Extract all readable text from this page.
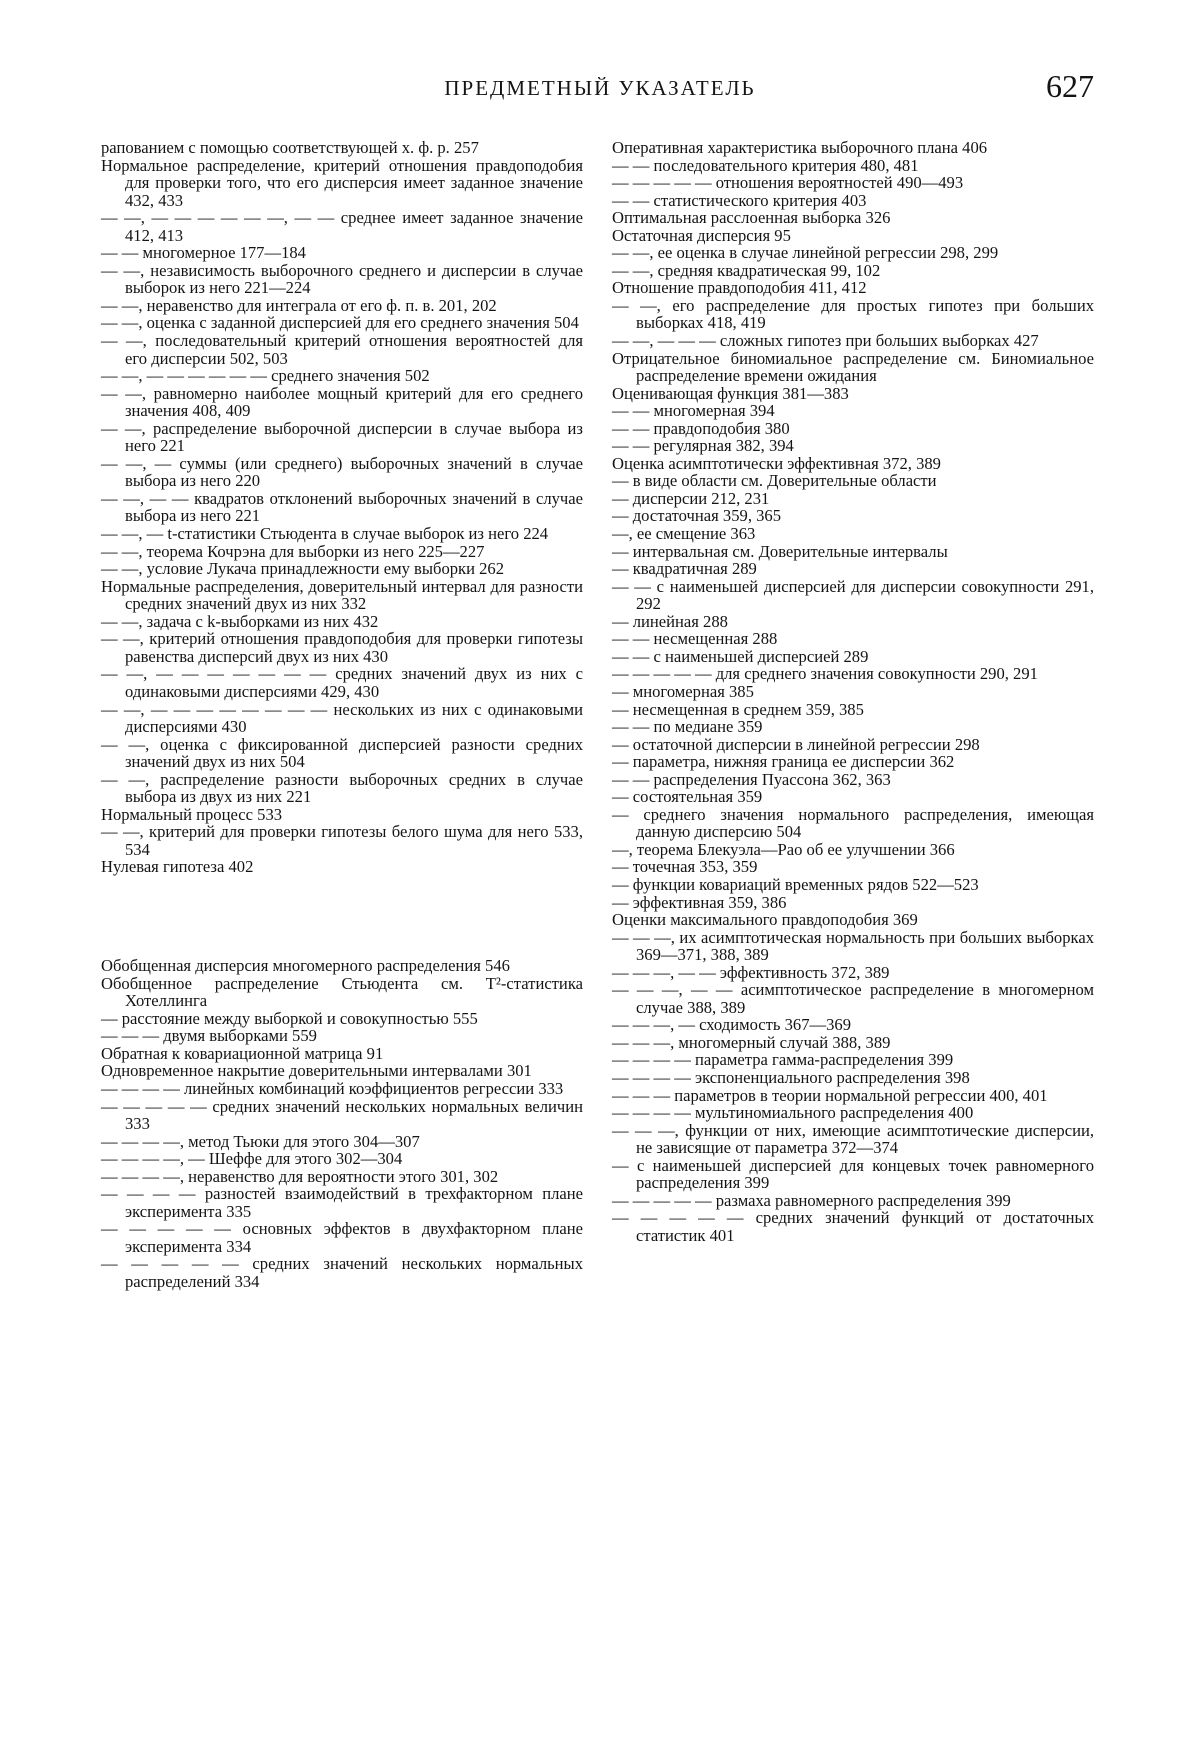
ПРЕДМЕТНЫЙ УКАЗАТЕЛЬ	627

рапованием с помощью соответствующей х. ф. р. 257

Нормальное распределение, критерий отношения правдоподобия для проверки того, что его дисперсия имеет заданное значение 432, 433

— —, — — — — — —, — — среднее имеет заданное значение 412, 413

— — многомерное 177—184

— —, независимость выборочного среднего и дисперсии в случае выборок из него 221—224

— —, неравенство для интеграла от его ф. п. в. 201, 202

— —, оценка с заданной дисперсией для его среднего значения 504

— —, последовательный критерий отношения вероятностей для его дисперсии 502, 503

— —, — — — — — — среднего значения 502

— —, равномерно наиболее мощный критерий для его среднего значения 408, 409

— —, распределение выборочной дисперсии в случае выбора из него 221

— —, — суммы (или среднего) выборочных значений в случае выбора из него 220

— —, — — квадратов отклонений выборочных значений в случае выбора из него 221

— —, — t-статистики Стьюдента в случае выборок из него 224

— —, теорема Кочрэна для выборки из него 225—227

— —, условие Лукача принадлежности ему выборки 262

Нормальные распределения, доверительный интервал для разности средних значений двух из них 332

— —, задача с k-выборками из них 432

— —, критерий отношения правдоподобия для проверки гипотезы равенства дисперсий двух из них 430

— —, — — — — — — — средних значений двух из них с одинаковыми дисперсиями 429, 430

— —, — — — — — — — — нескольких из них с одинаковыми дисперсиями 430

— —, оценка с фиксированной дисперсией разности средних значений двух из них 504

— —, распределение разности выборочных средних в случае выбора из двух из них 221

Нормальный процесс 533

— —, критерий для проверки гипотезы белого шума для него 533, 534

Нулевая гипотеза 402

Обобщенная дисперсия многомерного распределения 546

Обобщенное распределение Стьюдента см. T²-статистика Хотеллинга

— расстояние между выборкой и совокупностью 555

— — — двумя выборками 559

Обратная к ковариационной матрица 91

Одновременное накрытие доверительными интервалами 301

— — — — линейных комбинаций коэффициентов регрессии 333

— — — — — средних значений нескольких нормальных величин 333

— — — —, метод Тьюки для этого 304—307

— — — —, — Шеффе для этого 302—304

— — — —, неравенство для вероятности этого 301, 302

— — — — разностей взаимодействий в трехфакторном плане эксперимента 335

— — — — — основных эффектов в двухфакторном плане эксперимента 334

— — — — — средних значений нескольких нормальных распределений 334

Оперативная характеристика выборочного плана 406

— — последовательного критерия 480, 481

— — — — — отношения вероятностей 490—493

— — статистического критерия 403

Оптимальная расслоенная выборка 326

Остаточная дисперсия 95

— —, ее оценка в случае линейной регрессии 298, 299

— —, средняя квадратическая 99, 102

Отношение правдоподобия 411, 412

— —, его распределение для простых гипотез при больших выборках 418, 419

— —, — — — сложных гипотез при больших выборках 427

Отрицательное биномиальное распределение см. Биномиальное распределение времени ожидания

Оценивающая функция 381—383

— — многомерная 394

— — правдоподобия 380

— — регулярная 382, 394

Оценка асимптотически эффективная 372, 389

— в виде области см. Доверительные области

— дисперсии 212, 231

— достаточная 359, 365

—, ее смещение 363

— интервальная см. Доверительные интервалы

— квадратичная 289

— — с наименьшей дисперсией для дисперсии совокупности 291, 292

— линейная 288

— — несмещенная 288

— — с наименьшей дисперсией 289

— — — — — для среднего значения совокупности 290, 291

— многомерная 385

— несмещенная в среднем 359, 385

— — по медиане 359

— остаточной дисперсии в линейной регрессии 298

— параметра, нижняя граница ее дисперсии 362

— — распределения Пуассона 362, 363

— состоятельная 359

— среднего значения нормального распределения, имеющая данную дисперсию 504

—, теорема Блекуэла—Рао об ее улучшении 366

— точечная 353, 359

— функции ковариаций временных рядов 522—523

— эффективная 359, 386

Оценки максимального правдоподобия 369

— — —, их асимптотическая нормальность при больших выборках 369—371, 388, 389

— — —, — — эффективность 372, 389

— — —, — — асимптотическое распределение в многомерном случае 388, 389

— — —, — сходимость 367—369

— — —, многомерный случай 388, 389

— — — — параметра гамма-распределения 399

— — — — экспоненциального распределения 398

— — — параметров в теории нормальной регрессии 400, 401

— — — — мультиномиального распределения 400

— — —, функции от них, имеющие асимптотические дисперсии, не зависящие от параметра 372—374

— с наименьшей дисперсией для концевых точек равномерного распределения 399

— — — — — размаха равномерного распределения 399

— — — — — средних значений функций от достаточных статистик 401
